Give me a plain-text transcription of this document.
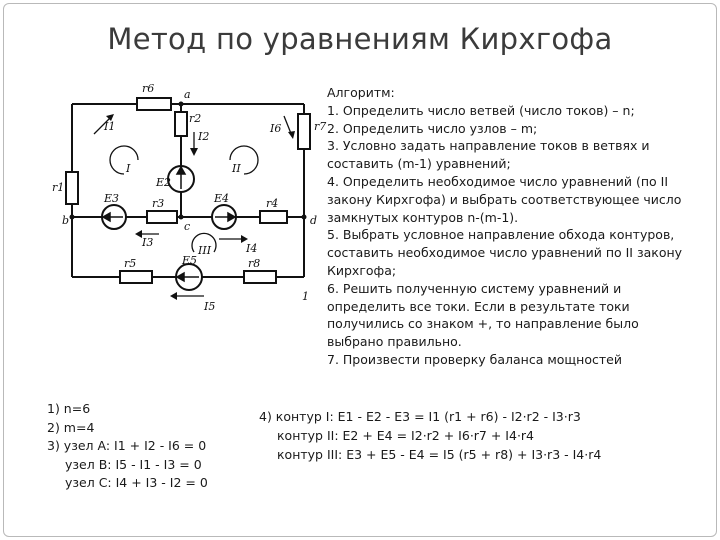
Метод по уравнениям Кирхгофа
r6	a
r2
r7
r1
b	c	d
r3	r4
r5	r8
E2
E3	E4
E5
I1
I2
I6
I3	I4
I5
I	II
III
1
Алгоритм:
1. Определить число ветвей (число токов) – n;
2. Определить число узлов – m;
3. Условно задать направление токов в ветвях и составить (m-1) уравнений;
4. Определить необходимое число уравнений (по II закону Кирхгофа) и выбрать соответствующее число замкнутых контуров n-(m-1).
5. Выбрать условное направление обхода контуров, составить необходимое число уравнений по II закону Кирхгофа;
6. Решить полученную систему уравнений и определить все токи. Если в результате токи получились со знаком +, то направление было выбрано правильно.
7. Произвести проверку баланса мощностей
1) n=6
2) m=4
3) узел A: I1 + I2 - I6 = 0
узел B: I5 - I1 - I3 = 0
узел C: I4 + I3 - I2 = 0
4) контур I: E1 - E2 - E3 = I1 (r1 + r6) - I2·r2 - I3·r3
контур II: E2 + E4 = I2·r2 + I6·r7 + I4·r4
контур III: E3 + E5 - E4 = I5 (r5 + r8) + I3·r3 - I4·r4
